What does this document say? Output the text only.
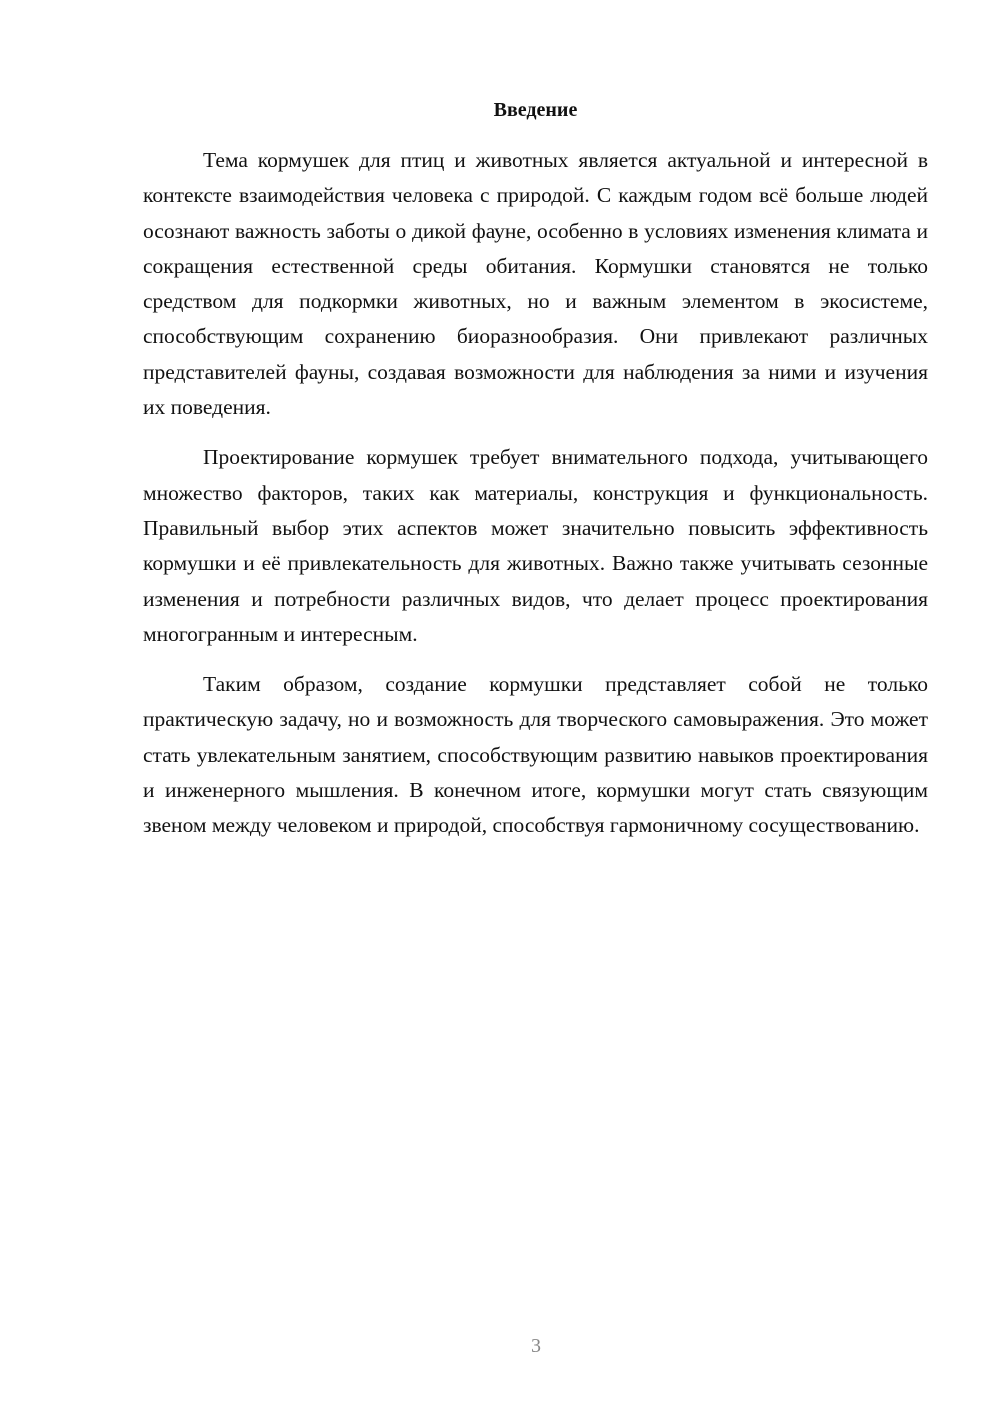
Введение

Тема кормушек для птиц и животных является актуальной и интересной в контексте взаимодействия человека с природой. С каждым годом всё больше людей осознают важность заботы о дикой фауне, особенно в условиях изменения климата и сокращения естественной среды обитания. Кормушки становятся не только средством для подкормки животных, но и важным элементом в экосистеме, способствующим сохранению биоразнообразия. Они привлекают различных представителей фауны, создавая возможности для наблюдения за ними и изучения их поведения.

Проектирование кормушек требует внимательного подхода, учитывающего множество факторов, таких как материалы, конструкция и функциональность. Правильный выбор этих аспектов может значительно повысить эффективность кормушки и её привлекательность для животных. Важно также учитывать сезонные изменения и потребности различных видов, что делает процесс проектирования многогранным и интересным.

Таким образом, создание кормушки представляет собой не только практическую задачу, но и возможность для творческого самовыражения. Это может стать увлекательным занятием, способствующим развитию навыков проектирования и инженерного мышления. В конечном итоге, кормушки могут стать связующим звеном между человеком и природой, способствуя гармоничному сосуществованию.

3
